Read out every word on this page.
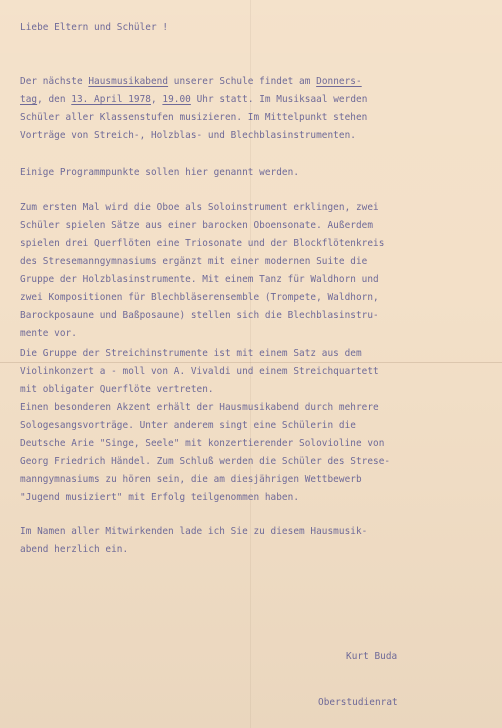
Liebe Eltern und Schüler !
Der nächste Hausmusikabend unserer Schule findet am Donners-
tag, den 13. April 1978, 19.00 Uhr statt. Im Musiksaal werden
Schüler aller Klassenstufen musizieren. Im Mittelpunkt stehen
Vorträge von Streich-, Holzblas- und Blechblasinstrumenten.
Einige Programmpunkte sollen hier genannt werden.
Zum ersten Mal wird die Oboe als Soloinstrument erklingen, zwei
Schüler spielen Sätze aus einer barocken Oboensonate. Außerdem
spielen drei Querflöten eine Triosonate und der Blockflötenkreis
des Stresemanngymnasiums ergänzt mit einer modernen Suite die
Gruppe der Holzblasinstrumente. Mit einem Tanz für Waldhorn und
zwei Kompositionen für Blechbläserensemble (Trompete, Waldhorn,
Barockposaune und Baßposaune) stellen sich die Blechblasinstru-
mente vor.
Die Gruppe der Streichinstrumente ist mit einem Satz aus dem
Violinkonzert a - moll von A. Vivaldi und einem Streichquartett
mit obligater Querflöte vertreten.
Einen besonderen Akzent erhält der Hausmusikabend durch mehrere
Sologesangsvorträge. Unter anderem singt eine Schülerin die
Deutsche Arie "Singe, Seele" mit konzertierender Solovioline von
Georg Friedrich Händel. Zum Schluß werden die Schüler des Strese-
manngymnasiums zu hören sein, die am diesjährigen Wettbewerb
"Jugend musiziert" mit Erfolg teilgenommen haben.
Im Namen aller Mitwirkenden lade ich Sie zu diesem Hausmusik-
abend herzlich ein.
Kurt Buda
Oberstudienrat
